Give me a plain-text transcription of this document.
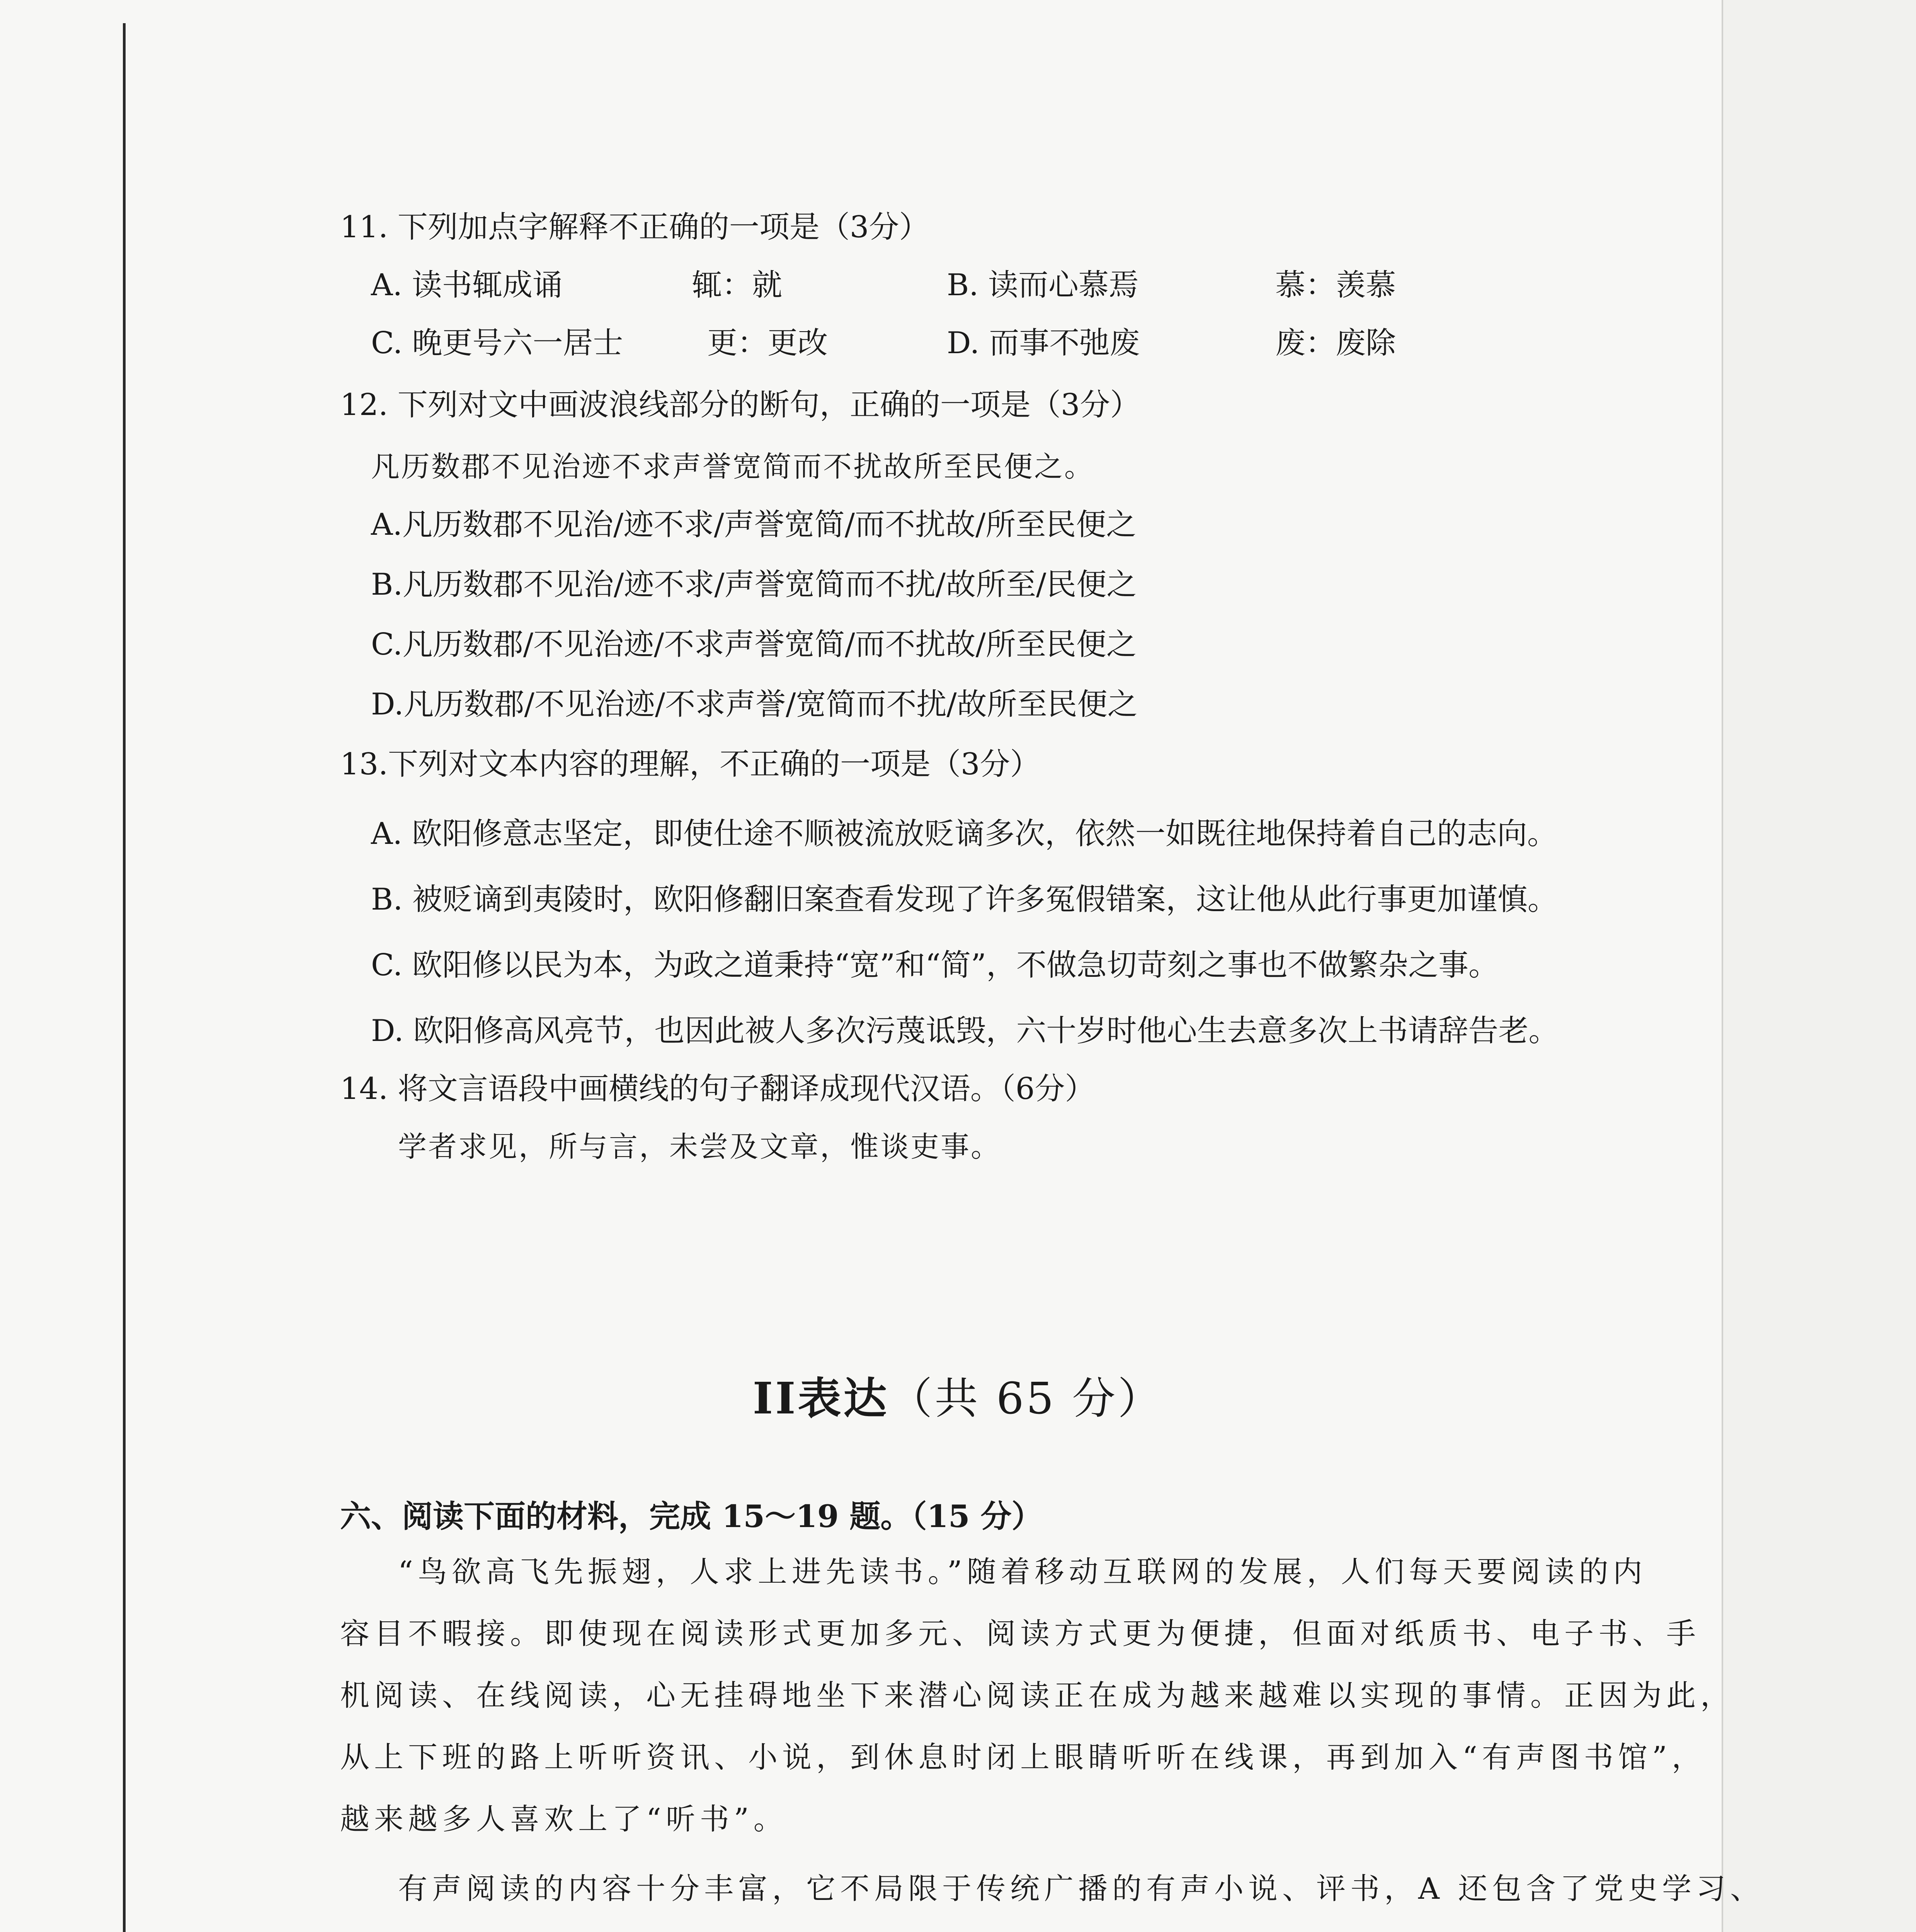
11. 下列加点字解释不正确的一项是（3分）
A. 读书辄成诵	辄：就	B. 读而心慕焉	慕：羡慕
C. 晚更号六一居士	更：更改	D. 而事不弛废	废：废除
12. 下列对文中画波浪线部分的断句，正确的一项是（3分）
凡历数郡不见治迹不求声誉宽简而不扰故所至民便之。
A.凡历数郡不见治/迹不求/声誉宽简/而不扰故/所至民便之
B.凡历数郡不见治/迹不求/声誉宽简而不扰/故所至/民便之
C.凡历数郡/不见治迹/不求声誉宽简/而不扰故/所至民便之
D.凡历数郡/不见治迹/不求声誉/宽简而不扰/故所至民便之
13.下列对文本内容的理解，不正确的一项是（3分）
A. 欧阳修意志坚定，即使仕途不顺被流放贬谪多次，依然一如既往地保持着自己的志向。
B. 被贬谪到夷陵时，欧阳修翻旧案查看发现了许多冤假错案，这让他从此行事更加谨慎。
C. 欧阳修以民为本，为政之道秉持“宽”和“简”，不做急切苛刻之事也不做繁杂之事。
D. 欧阳修高风亮节，也因此被人多次污蔑诋毁，六十岁时他心生去意多次上书请辞告老。
14. 将文言语段中画横线的句子翻译成现代汉语。（6分）
学者求见，所与言，未尝及文章，惟谈吏事。
II表达（共 65 分）
六、阅读下面的材料，完成 15～19 题。（15 分）
“鸟欲高飞先振翅，人求上进先读书。”随着移动互联网的发展，人们每天要阅读的内
容目不暇接。即使现在阅读形式更加多元、阅读方式更为便捷，但面对纸质书、电子书、手
机阅读、在线阅读，心无挂碍地坐下来潜心阅读正在成为越来越难以实现的事情。正因为此，
从上下班的路上听听资讯、小说，到休息时闭上眼睛听听在线课，再到加入“有声图书馆”，
越来越多人喜欢上了“听书”。
有声阅读的内容十分丰富，它不局限于传统广播的有声小说、评书，A 还包含了党史学习、
